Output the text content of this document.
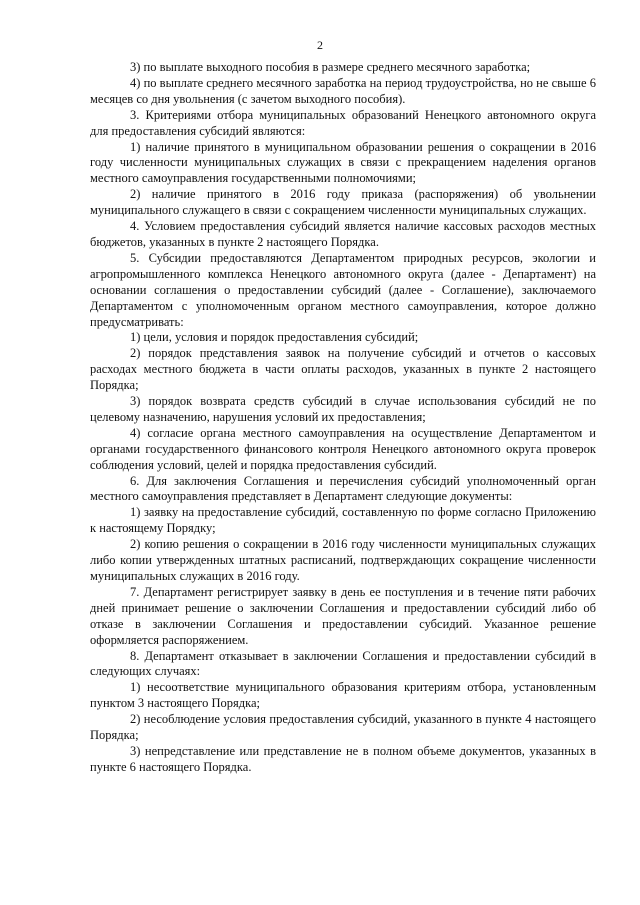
2

3) по выплате выходного пособия в размере среднего месячного заработка;

4) по выплате среднего месячного заработка на период трудоустройства, но не свыше 6 месяцев со дня увольнения (с зачетом выходного пособия).

3. Критериями отбора муниципальных образований Ненецкого автономного округа для предоставления субсидий являются:

1) наличие принятого в муниципальном образовании решения о сокращении в 2016 году численности муниципальных служащих в связи с прекращением наделения органов местного самоуправления государственными полномочиями;

2) наличие принятого в 2016 году приказа (распоряжения) об увольнении муниципального служащего в связи с сокращением численности муниципальных служащих.

4. Условием предоставления субсидий является наличие кассовых расходов местных бюджетов, указанных в пункте 2 настоящего Порядка.

5. Субсидии предоставляются Департаментом природных ресурсов, экологии и агропромышленного комплекса Ненецкого автономного округа (далее - Департамент) на основании соглашения о предоставлении субсидий (далее - Соглашение), заключаемого Департаментом с уполномоченным органом местного самоуправления, которое должно предусматривать:

1) цели, условия и порядок предоставления субсидий;

2) порядок представления заявок на получение субсидий и отчетов о кассовых расходах местного бюджета в части оплаты расходов, указанных в пункте 2 настоящего Порядка;

3) порядок возврата средств субсидий в случае использования субсидий не по целевому назначению, нарушения условий их предоставления;

4) согласие органа местного самоуправления на осуществление Департаментом и органами государственного финансового контроля Ненецкого автономного округа проверок соблюдения условий, целей и порядка предоставления субсидий.

6. Для заключения Соглашения и перечисления субсидий уполномоченный орган местного самоуправления представляет в Департамент следующие документы:

1) заявку на предоставление субсидий, составленную по форме согласно Приложению к настоящему Порядку;

2) копию решения о сокращении в 2016 году численности муниципальных служащих либо копии утвержденных штатных расписаний, подтверждающих сокращение численности муниципальных служащих в 2016 году.

7. Департамент регистрирует заявку в день ее поступления и в течение пяти рабочих дней принимает решение о заключении Соглашения и предоставлении субсидий либо об отказе в заключении Соглашения и предоставлении субсидий. Указанное решение оформляется распоряжением.

8. Департамент отказывает в заключении Соглашения и предоставлении субсидий в следующих случаях:

1) несоответствие муниципального образования критериям отбора, установленным пунктом 3 настоящего Порядка;

2) несоблюдение условия предоставления субсидий, указанного в пункте 4 настоящего Порядка;

3) непредставление или представление не в полном объеме документов, указанных в пункте 6 настоящего Порядка.
